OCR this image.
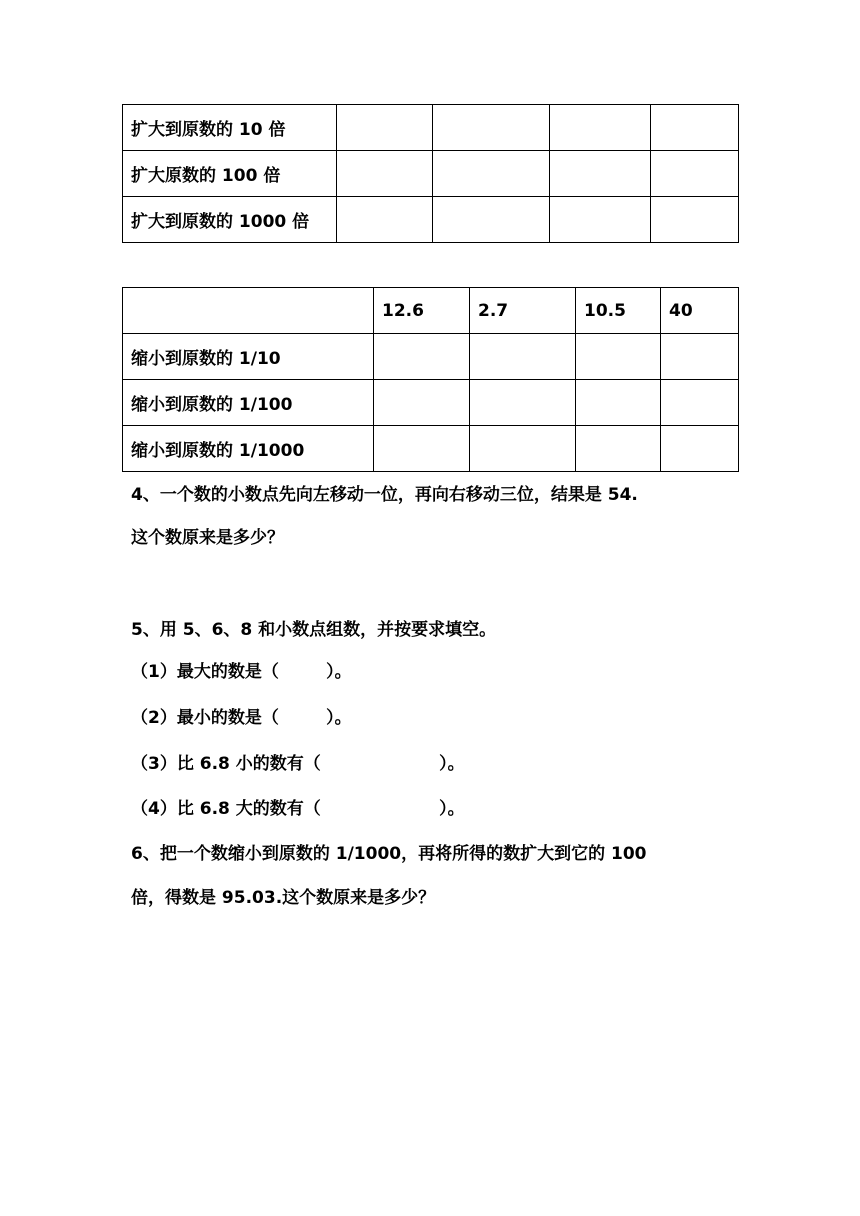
扩大到原数的 10 倍				
扩大原数的 100 倍				
扩大到原数的 1000 倍				
	12.6	2.7	10.5	40
缩小到原数的 1/10				
缩小到原数的 1/100				
缩小到原数的 1/1000				
4、一个数的小数点先向左移动一位，再向右移动三位，结果是 54.
这个数原来是多少？
5、用 5、6、8 和小数点组数，并按要求填空。
（1）最大的数是（        ）。
（2）最小的数是（        ）。
（3）比 6.8 小的数有（                    ）。
（4）比 6.8 大的数有（                    ）。
6、把一个数缩小到原数的 1/1000，再将所得的数扩大到它的 100
倍，得数是 95.03.这个数原来是多少？
